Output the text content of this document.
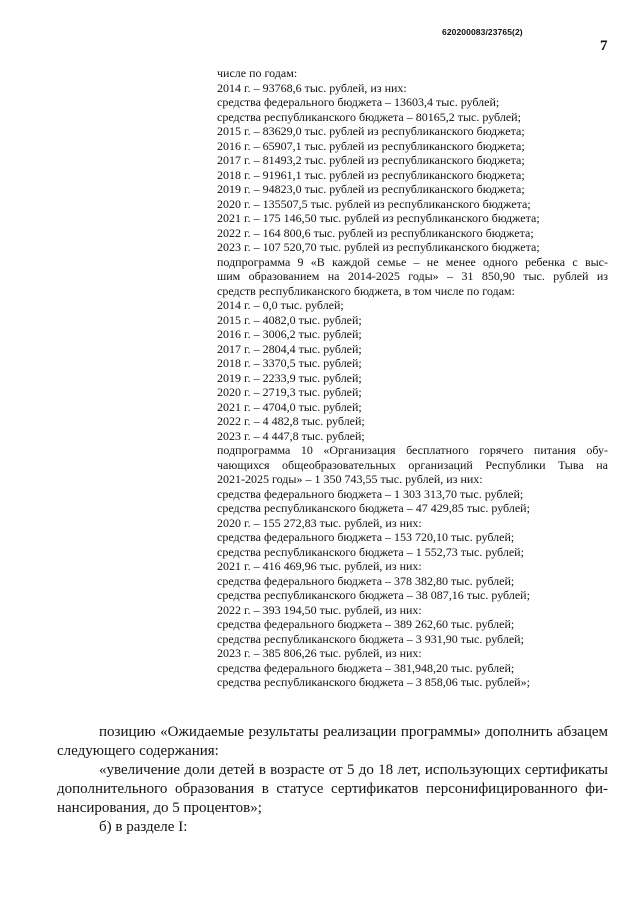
620200083/23765(2)
7
числе по годам:
2014 г. – 93768,6 тыс. рублей, из них:
средства федерального бюджета – 13603,4 тыс. рублей;
средства республиканского бюджета – 80165,2 тыс. рублей;
2015 г. – 83629,0 тыс. рублей из республиканского бюджета;
2016 г. – 65907,1 тыс. рублей из республиканского бюджета;
2017 г. – 81493,2 тыс. рублей из республиканского бюджета;
2018 г. – 91961,1 тыс. рублей из республиканского бюджета;
2019 г. – 94823,0 тыс. рублей из республиканского бюджета;
2020 г. – 135507,5 тыс. рублей из республиканского бюджета;
2021 г. – 175 146,50 тыс. рублей из республиканского бюджета;
2022 г. – 164 800,6 тыс. рублей из республиканского бюджета;
2023 г. – 107 520,70 тыс. рублей из республиканского бюджета;
подпрограмма 9 «В каждой семье – не менее одного ребенка с выс-
шим образованием на 2014-2025 годы» – 31 850,90 тыс. рублей из
средств республиканского бюджета, в том числе по годам:
2014 г. – 0,0 тыс. рублей;
2015 г. – 4082,0 тыс. рублей;
2016 г. – 3006,2 тыс. рублей;
2017 г. – 2804,4 тыс. рублей;
2018 г. – 3370,5 тыс. рублей;
2019 г. – 2233,9 тыс. рублей;
2020 г. – 2719,3 тыс. рублей;
2021 г. – 4704,0 тыс. рублей;
2022 г. – 4 482,8 тыс. рублей;
2023 г. – 4 447,8 тыс. рублей;
подпрограмма 10 «Организация бесплатного горячего питания обу-
чающихся общеобразовательных организаций Республики Тыва на
2021-2025 годы» – 1 350 743,55 тыс. рублей, из них:
средства федерального бюджета – 1 303 313,70 тыс. рублей;
средства республиканского бюджета – 47 429,85 тыс. рублей;
2020 г. – 155 272,83 тыс. рублей, из них:
средства федерального бюджета – 153 720,10 тыс. рублей;
средства республиканского бюджета – 1 552,73 тыс. рублей;
2021 г. – 416 469,96 тыс. рублей, из них:
средства федерального бюджета – 378 382,80 тыс. рублей;
средства республиканского бюджета – 38 087,16 тыс. рублей;
2022 г. – 393 194,50 тыс. рублей, из них:
средства федерального бюджета – 389 262,60 тыс. рублей;
средства республиканского бюджета – 3 931,90 тыс. рублей;
2023 г. – 385 806,26 тыс. рублей, из них:
средства федерального бюджета – 381,948,20 тыс. рублей;
средства республиканского бюджета – 3 858,06 тыс. рублей»;
позицию «Ожидаемые результаты реализации программы» дополнить абзацем
следующего содержания:
«увеличение доли детей в возрасте от 5 до 18 лет, использующих сертификаты
дополнительного образования в статусе сертификатов персонифицированного фи-
нансирования, до 5 процентов»;
б) в разделе I:
